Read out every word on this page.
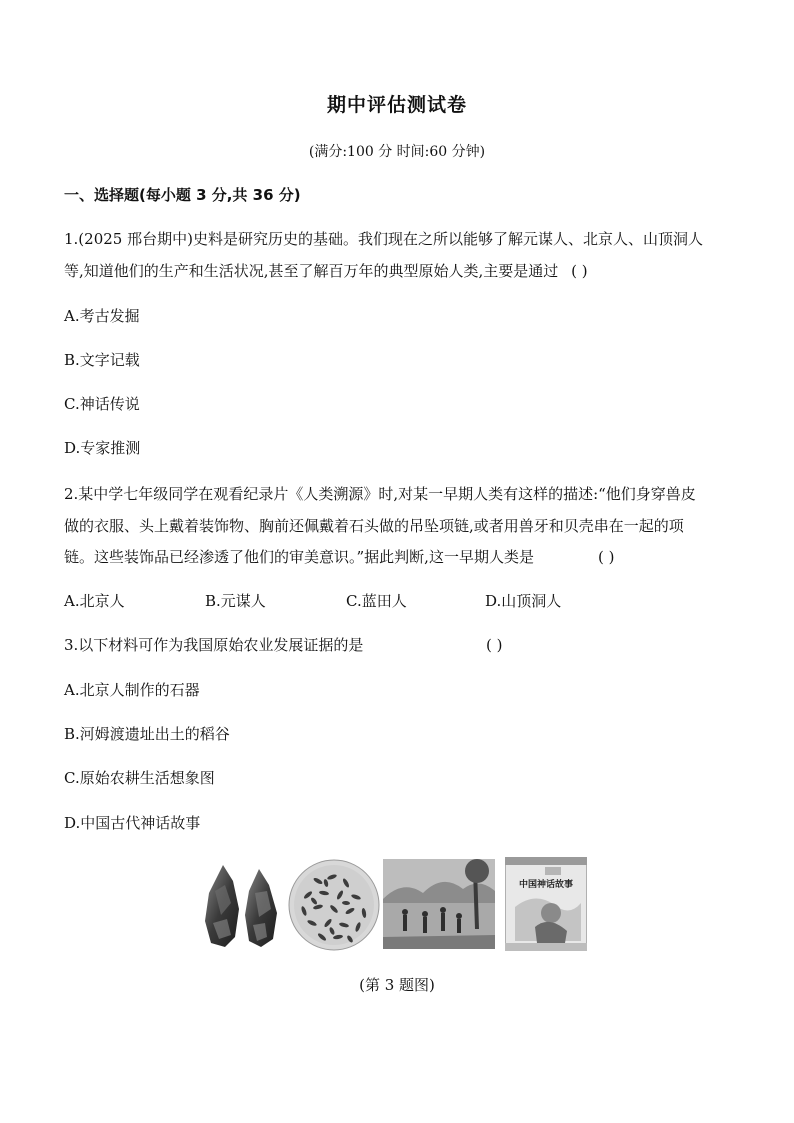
期中评估测试卷
(满分:100 分 时间:60 分钟)
一、选择题(每小题 3 分,共 36 分)
1.(2025 邢台期中)史料是研究历史的基础。我们现在之所以能够了解元谋人、北京人、山顶洞人
等,知道他们的生产和生活状况,甚至了解百万年的典型原始人类,主要是通过 ( )
A.考古发掘
B.文字记载
C.神话传说
D.专家推测
2.某中学七年级同学在观看纪录片《人类溯源》时,对某一早期人类有这样的描述:“他们身穿兽皮
做的衣服、头上戴着装饰物、胸前还佩戴着石头做的吊坠项链,或者用兽牙和贝壳串在一起的项
链。这些装饰品已经渗透了他们的审美意识。”据此判断,这一早期人类是	( )
A.北京人	B.元谋人	C.蓝田人	D.山顶洞人
3.以下材料可作为我国原始农业发展证据的是	( )
A.北京人制作的石器
B.河姆渡遗址出土的稻谷
C.原始农耕生活想象图
D.中国古代神话故事
中国神话故事
(第 3 题图)
